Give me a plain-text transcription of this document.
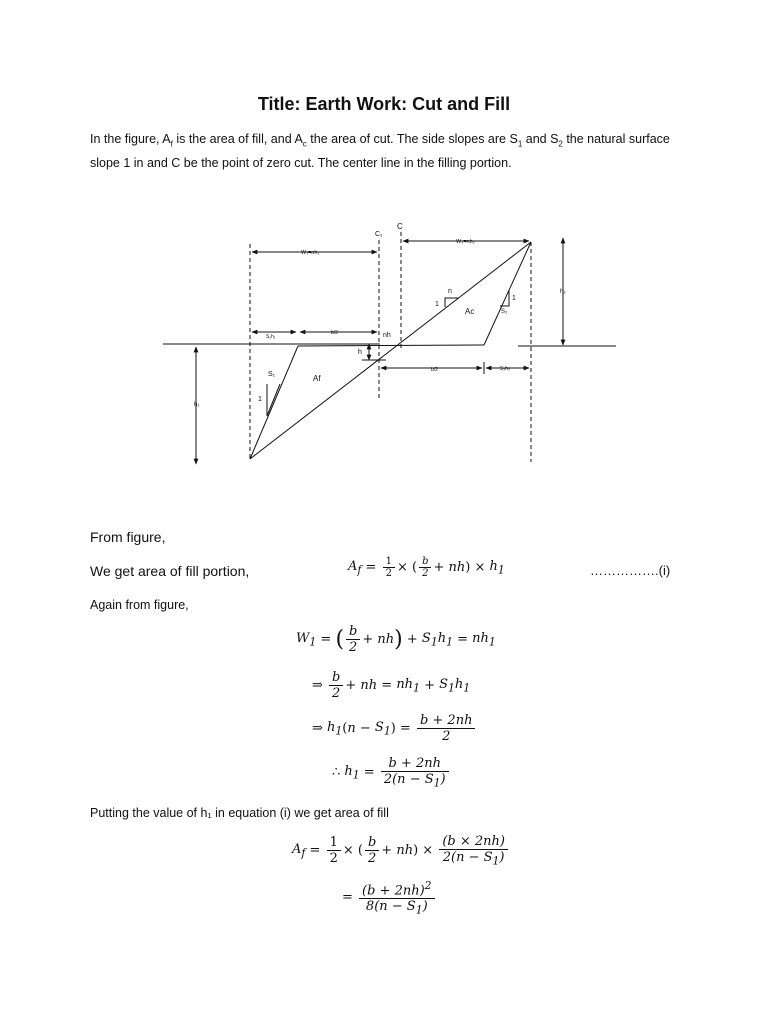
Title: Earth Work: Cut and Fill
In the figure, $A_f$ is the area of fill, and $A_c$ the area of cut. The side slopes are $S_1$ and $S_2$ the natural surface slope 1 in and C be the point of zero cut. The center line in the filling portion.
C₁
C
W₁=nh₁
W₂=nh₂
n
1
Ac	S₂
1
h₂
S₁h₁
b/2	nh
h
S₁	Af
1
h₁
b/2	S₂h₂
From figure,
We get area of fill portion,	$A_f = \frac{1}{2}$ × ( $\frac{b}{2}$ + nh ) × $h_1$	…………….(i)
Again from figure,
$W_1$ = ( $\frac{b}{2}$ + nh ) + $S_1h_1 = nh_1$
⇒ $\frac{b}{2}$ + nh = $nh_1 + S_1h_1$
⇒ $h_1$ ( $n - S_1$ ) = $\frac{b + 2nh}{2}$
∴ $h_1 = \frac{b + 2nh}{2(n - S_1)}$
Putting the value of h₁ in equation (i) we get area of fill
$A_f = \frac{1}{2}$ × ( $\frac{b}{2}$ + nh ) × $\frac{(b \times 2nh)}{2(n - S_1)}$
= $\frac{(b + 2nh)^2}{8(n - S_1)}$
